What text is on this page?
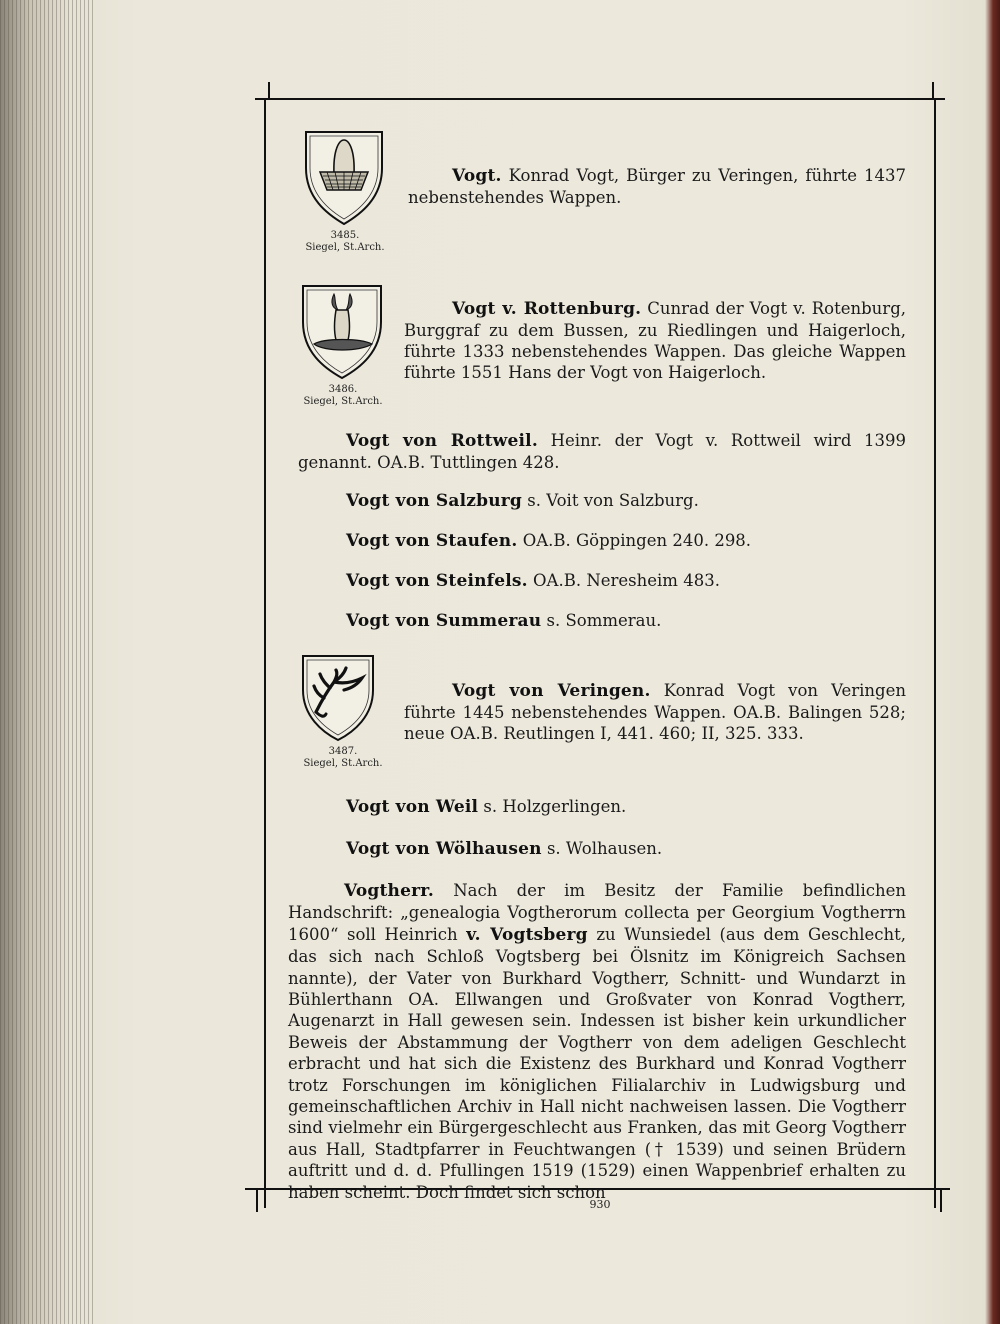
3485.
Siegel, St.Arch.
3486.
Siegel, St.Arch.
3487.
Siegel, St.Arch.
Vogt. Konrad Vogt, Bürger zu Veringen, führte 1437 nebenstehendes Wappen.
Vogt v. Rottenburg. Cunrad der Vogt v. Rotenburg, Burggraf zu dem Bussen, zu Riedlingen und Haigerloch, führte 1333 nebenstehendes Wappen. Das gleiche Wappen führte 1551 Hans der Vogt von Haigerloch.
Vogt von Rottweil. Heinr. der Vogt v. Rottweil wird 1399 genannt. OA.B. Tuttlingen 428.
Vogt von Salzburg s. Voit von Salzburg.
Vogt von Staufen. OA.B. Göppingen 240. 298.
Vogt von Steinfels. OA.B. Neresheim 483.
Vogt von Summerau s. Sommerau.
Vogt von Veringen. Konrad Vogt von Veringen führte 1445 nebenstehendes Wappen. OA.B. Balingen 528; neue OA.B. Reutlingen I, 441. 460; II, 325. 333.
Vogt von Weil s. Holzgerlingen.
Vogt von Wölhausen s. Wolhausen.
Vogtherr. Nach der im Besitz der Familie befindlichen Handschrift: „genealogia Vogtherorum collecta per Georgium Vogtherrn 1600“ soll Heinrich v. Vogtsberg zu Wunsiedel (aus dem Geschlecht, das sich nach Schloß Vogtsberg bei Ölsnitz im Königreich Sachsen nannte), der Vater von Burkhard Vogtherr, Schnitt- und Wundarzt in Bühlerthann OA. Ellwangen und Großvater von Konrad Vogtherr, Augenarzt in Hall gewesen sein. Indessen ist bisher kein urkundlicher Beweis der Abstammung der Vogtherr von dem adeligen Geschlecht erbracht und hat sich die Existenz des Burkhard und Konrad Vogtherr trotz Forschungen im königlichen Filialarchiv in Ludwigsburg und gemeinschaftlichen Archiv in Hall nicht nachweisen lassen. Die Vogtherr sind vielmehr ein Bürgergeschlecht aus Franken, das mit Georg Vogtherr aus Hall, Stadtpfarrer in Feuchtwangen († 1539) und seinen Brüdern auftritt und d. d. Pfullingen 1519 (1529) einen Wappenbrief erhalten zu haben scheint. Doch findet sich schon
930
